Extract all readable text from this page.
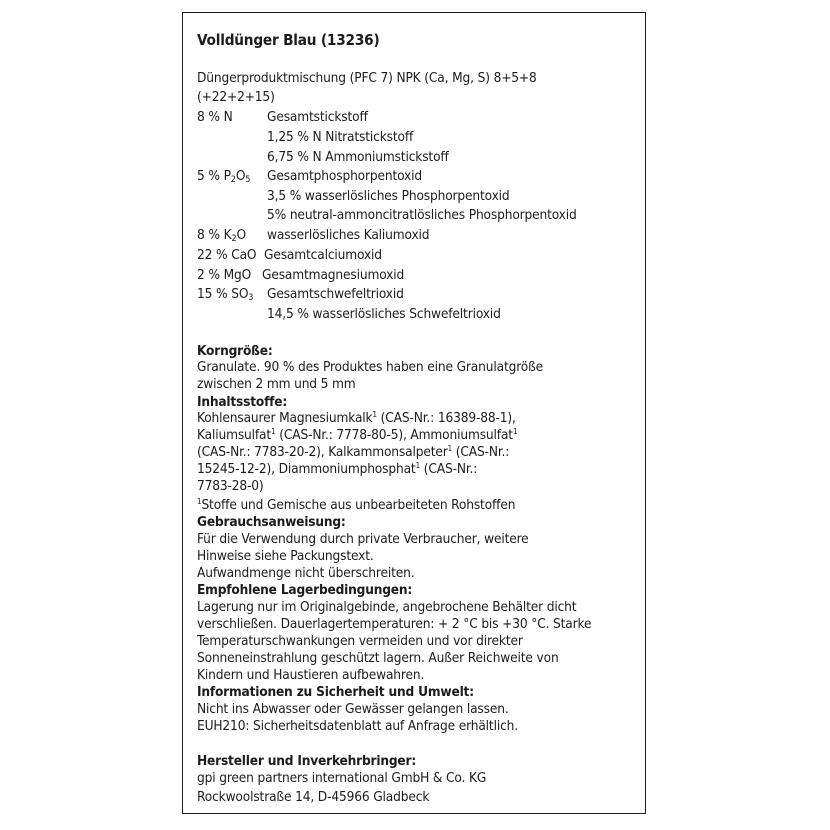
Volldünger Blau (13236)
Düngerproduktmischung (PFC 7) NPK (Ca, Mg, S) 8+5+8
(+22+2+15)
8 % N	Gesamtstickstoff
1,25 % N Nitratstickstoff
6,75 % N Ammoniumstickstoff
5 % $P_2O_5$ Gesamtphosphorpentoxid
3,5 % wasserlösliches Phosphorpentoxid
5% neutral-ammoncitratlösliches Phosphorpentoxid
8 % $K_2O$ wasserlösliches Kaliumoxid
22 % CaO Gesamtcalciumoxid
2 % MgO Gesamtmagnesiumoxid
15 % $SO_3$ Gesamtschwefeltrioxid
14,5 % wasserlösliches Schwefeltrioxid
Korngröße:
Granulate. 90 % des Produktes haben eine Granulatgröße
zwischen 2 mm und 5 mm
Inhaltsstoffe:
Kohlensaurer Magnesiumkalk$^1$ (CAS-Nr.: 16389-88-1),
Kaliumsulfat$^1$ (CAS-Nr.: 7778-80-5), Ammoniumsulfat$^1$
(CAS-Nr.: 7783-20-2), Kalkammonsalpeter$^1$ (CAS-Nr.:
15245-12-2), Diammoniumphosphat$^1$ (CAS-Nr.:
7783-28-0)
$^1$Stoffe und Gemische aus unbearbeiteten Rohstoffen
Gebrauchsanweisung:
Für die Verwendung durch private Verbraucher, weitere
Hinweise siehe Packungstext.
Aufwandmenge nicht überschreiten.
Empfohlene Lagerbedingungen:
Lagerung nur im Originalgebinde, angebrochene Behälter dicht
verschließen. Dauerlagertemperaturen: + 2 °C bis +30 °C. Starke
Temperaturschwankungen vermeiden und vor direkter
Sonneneinstrahlung geschützt lagern. Außer Reichweite von
Kindern und Haustieren aufbewahren.
Informationen zu Sicherheit und Umwelt:
Nicht ins Abwasser oder Gewässer gelangen lassen.
EUH210: Sicherheitsdatenblatt auf Anfrage erhältlich.
Hersteller und Inverkehrbringer:
gpi green partners international GmbH & Co. KG
Rockwoolstraße 14, D-45966 Gladbeck
